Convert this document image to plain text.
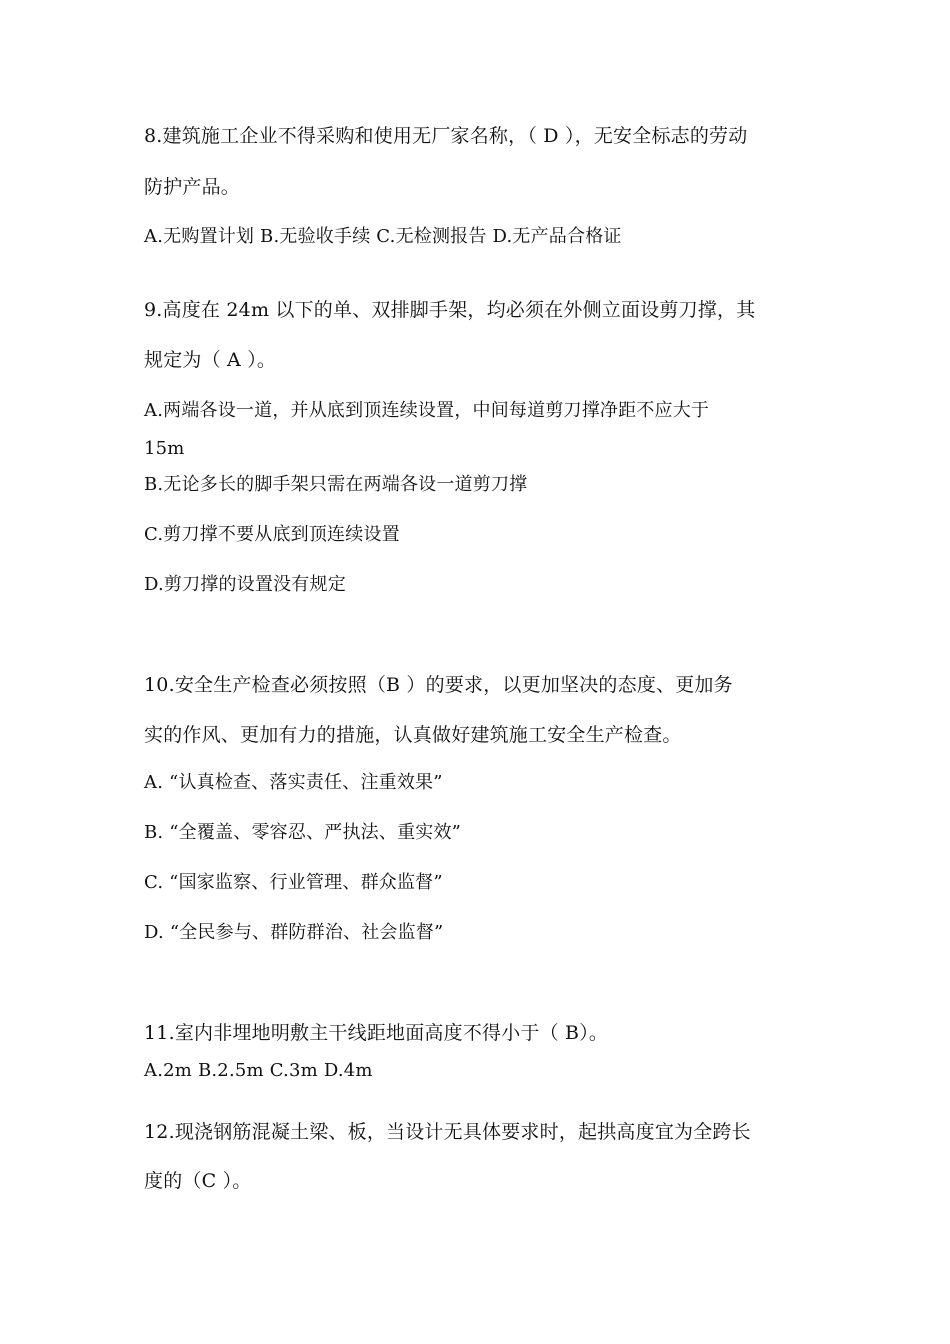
8.建筑施工企业不得采购和使用无厂家名称，（ D ），无安全标志的劳动
防护产品。
A.无购置计划 B.无验收手续 C.无检测报告 D.无产品合格证
9.高度在 24m 以下的单、双排脚手架，均必须在外侧立面设剪刀撑，其
规定为（ A ）。
A.两端各设一道，并从底到顶连续设置，中间每道剪刀撑净距不应大于
15m
B.无论多长的脚手架只需在两端各设一道剪刀撑
C.剪刀撑不要从底到顶连续设置
D.剪刀撑的设置没有规定
10.安全生产检查必须按照（B ）的要求，以更加坚决的态度、更加务
实的作风、更加有力的措施，认真做好建筑施工安全生产检查。
A. “认真检查、落实责任、注重效果”
B. “全覆盖、零容忍、严执法、重实效”
C. “国家监察、行业管理、群众监督”
D. “全民参与、群防群治、社会监督”
11.室内非埋地明敷主干线距地面高度不得小于（ B）。
A.2m B.2.5m C.3m D.4m
12.现浇钢筋混凝土梁、板，当设计无具体要求时，起拱高度宜为全跨长
度的（C ）。
